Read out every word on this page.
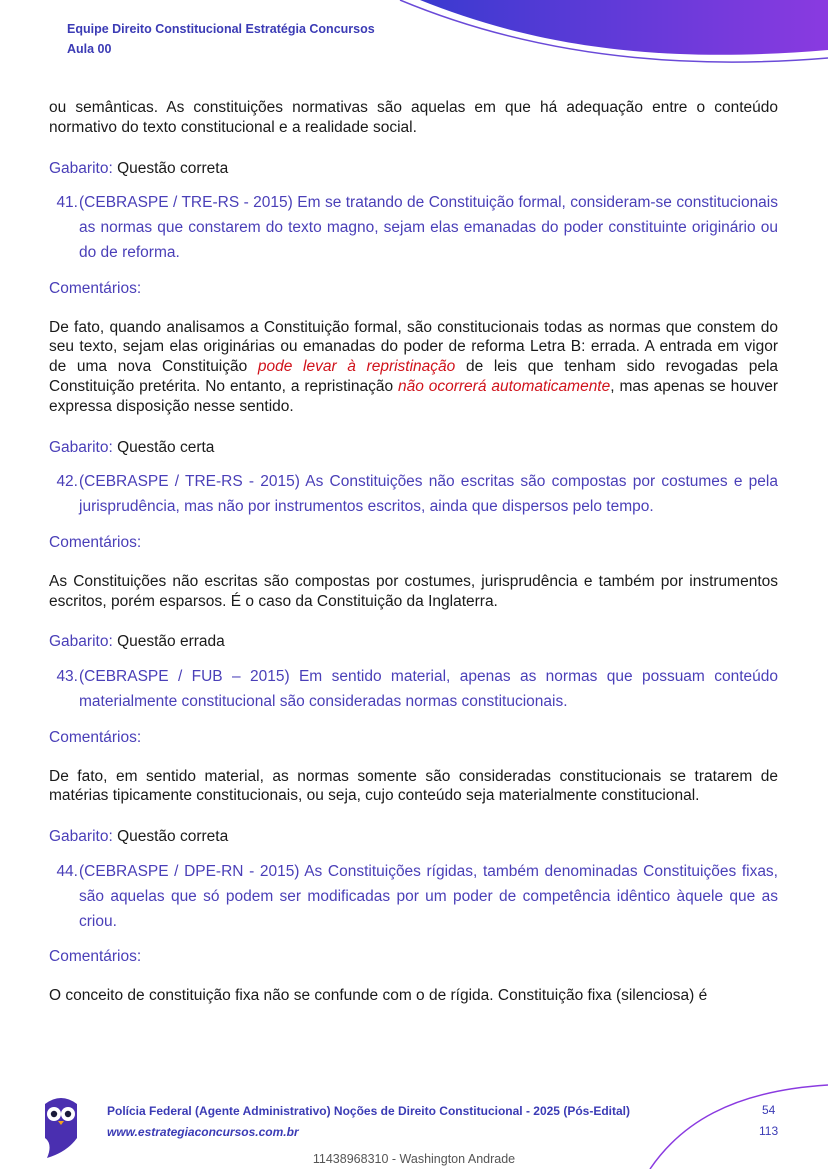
Equipe Direito Constitucional Estratégia Concursos
Aula 00

ou semânticas. As constituições normativas são aquelas em que há adequação entre o conteúdo normativo do texto constitucional e a realidade social.

Gabarito: Questão correta

41. (CEBRASPE / TRE-RS - 2015) Em se tratando de Constituição formal, consideram-se constitucionais as normas que constarem do texto magno, sejam elas emanadas do poder constituinte originário ou do de reforma.

Comentários:

De fato, quando analisamos a Constituição formal, são constitucionais todas as normas que constem do seu texto, sejam elas originárias ou emanadas do poder de reforma Letra B: errada. A entrada em vigor de uma nova Constituição pode levar à repristinação de leis que tenham sido revogadas pela Constituição pretérita. No entanto, a repristinação não ocorrerá automaticamente, mas apenas se houver expressa disposição nesse sentido.

Gabarito: Questão certa

42. (CEBRASPE / TRE-RS - 2015) As Constituições não escritas são compostas por costumes e pela jurisprudência, mas não por instrumentos escritos, ainda que dispersos pelo tempo.

Comentários:

As Constituições não escritas são compostas por costumes, jurisprudência e também por instrumentos escritos, porém esparsos. É o caso da Constituição da Inglaterra.

Gabarito: Questão errada

43. (CEBRASPE / FUB – 2015) Em sentido material, apenas as normas que possuam conteúdo materialmente constitucional são consideradas normas constitucionais.

Comentários:

De fato, em sentido material, as normas somente são consideradas constitucionais se tratarem de matérias tipicamente constitucionais, ou seja, cujo conteúdo seja materialmente constitucional.

Gabarito: Questão correta

44. (CEBRASPE / DPE-RN - 2015) As Constituições rígidas, também denominadas Constituições fixas, são aquelas que só podem ser modificadas por um poder de competência idêntico àquele que as criou.

Comentários:

O conceito de constituição fixa não se confunde com o de rígida. Constituição fixa (silenciosa) é

Polícia Federal (Agente Administrativo) Noções de Direito Constitucional - 2025 (Pós-Edital)
www.estrategiaconcursos.com.br
54
113
11438968310 - Washington Andrade
